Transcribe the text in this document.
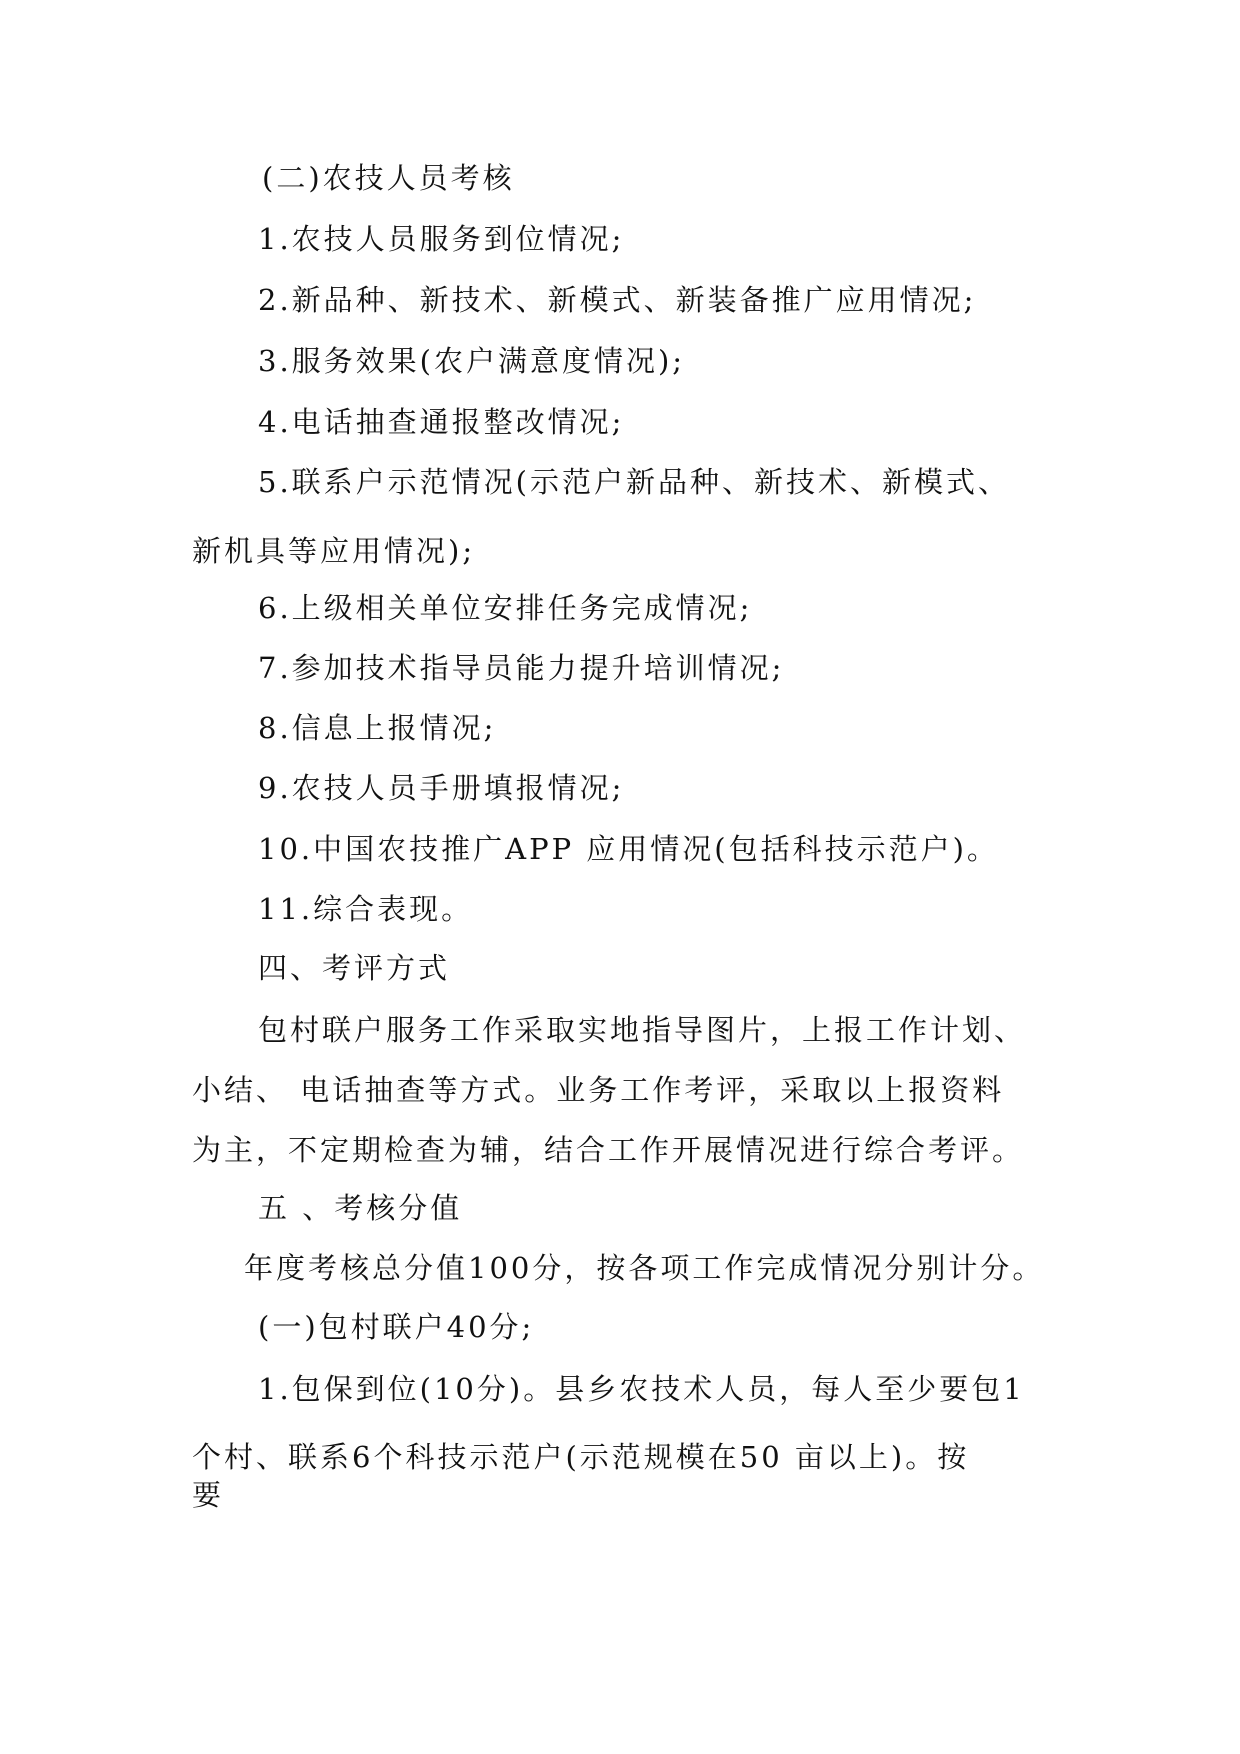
(二)农技人员考核
1.农技人员服务到位情况;
2.新品种、新技术、新模式、新装备推广应用情况;
3.服务效果(农户满意度情况);
4.电话抽查通报整改情况;
5.联系户示范情况(示范户新品种、新技术、新模式、
新机具等应用情况);
6.上级相关单位安排任务完成情况;
7.参加技术指导员能力提升培训情况;
8.信息上报情况;
9.农技人员手册填报情况;
10.中国农技推广APP 应用情况(包括科技示范户)。
11.综合表现。
四、考评方式
包村联户服务工作采取实地指导图片，上报工作计划、
小结、 电话抽查等方式。业务工作考评，采取以上报资料
为主，不定期检查为辅，结合工作开展情况进行综合考评。
五 、考核分值
年度考核总分值100分，按各项工作完成情况分别计分。
(一)包村联户40分;
1.包保到位(10分)。县乡农技术人员，每人至少要包1
个村、联系6个科技示范户(示范规模在50 亩以上)。按
要
